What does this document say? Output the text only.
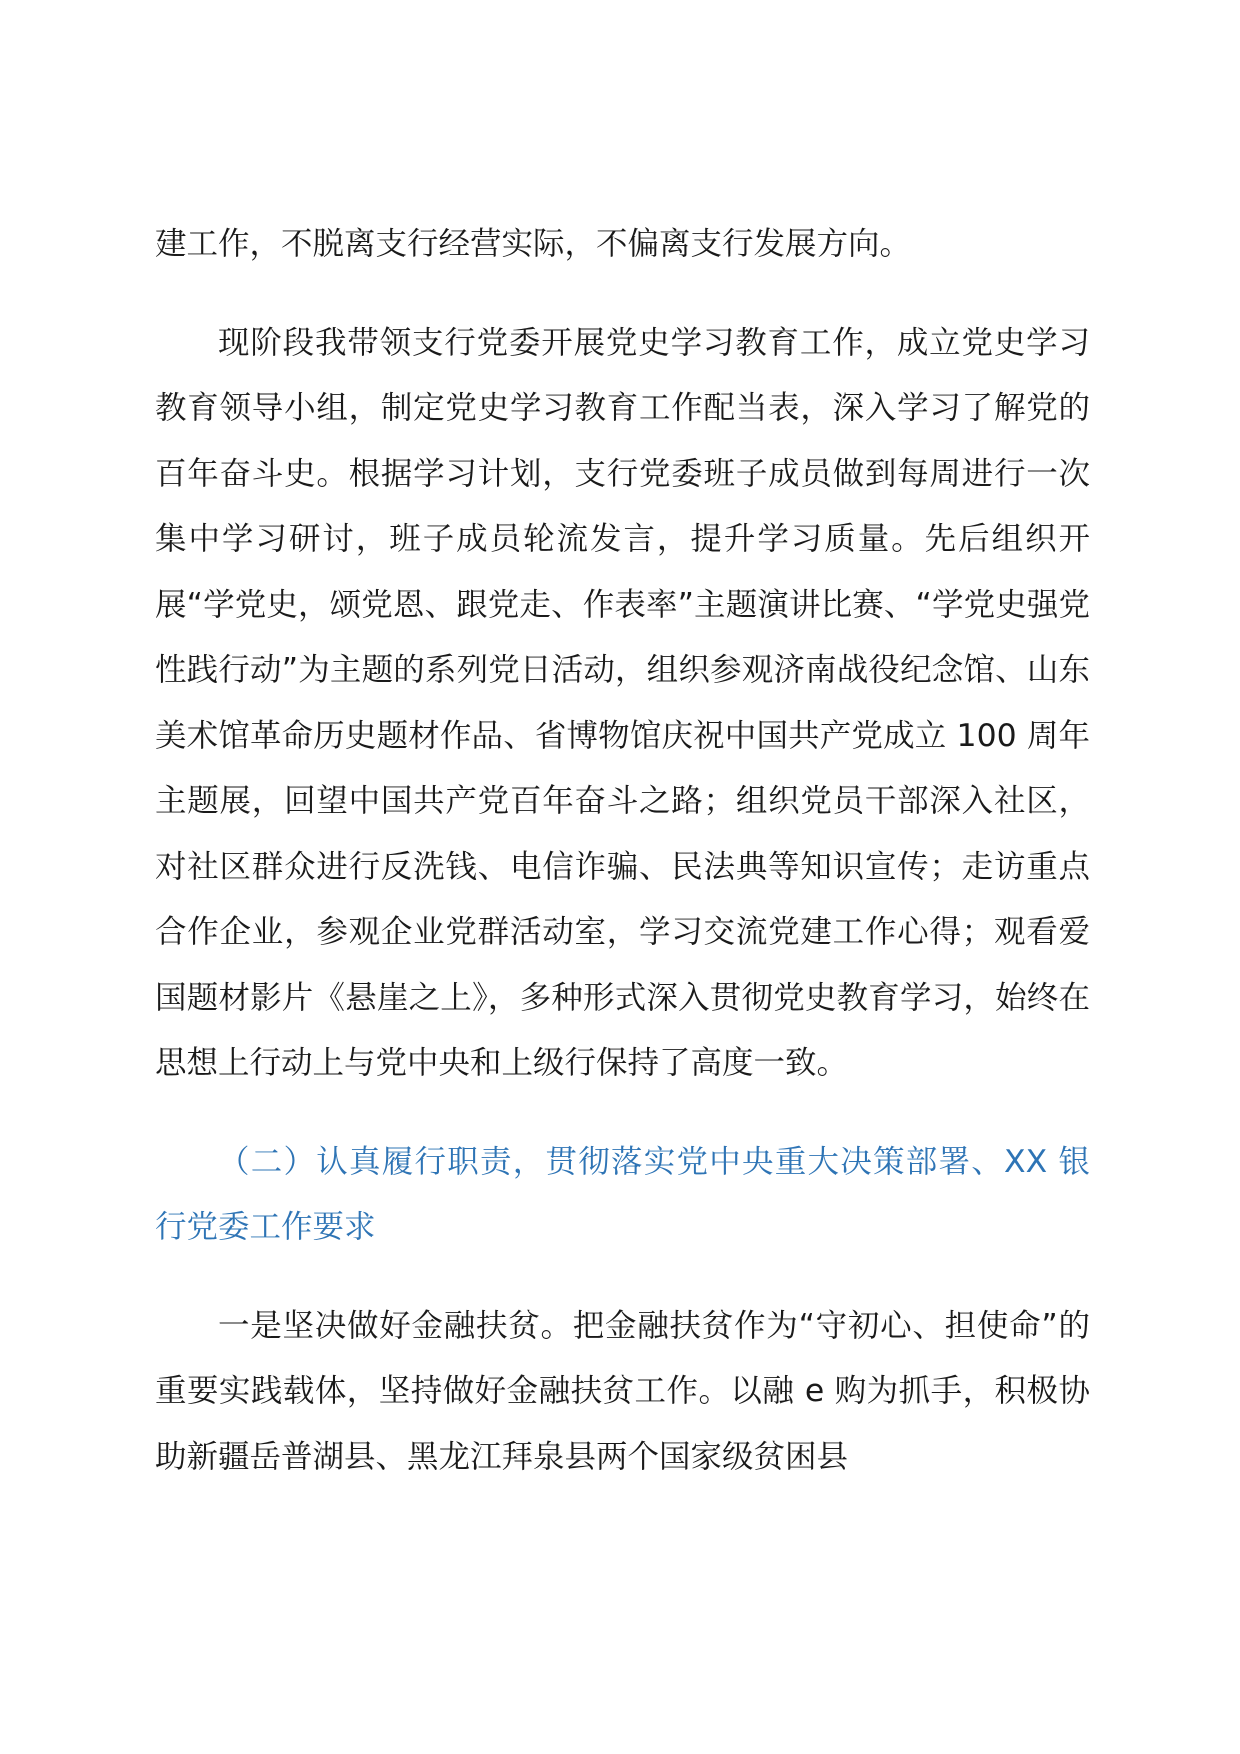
建工作，不脱离支行经营实际，不偏离支行发展方向。

现阶段我带领支行党委开展党史学习教育工作，成立党史学习教育领导小组，制定党史学习教育工作配当表，深入学习了解党的百年奋斗史。根据学习计划，支行党委班子成员做到每周进行一次集中学习研讨，班子成员轮流发言，提升学习质量。先后组织开展“学党史，颂党恩、跟党走、作表率”主题演讲比赛、“学党史强党性践行动”为主题的系列党日活动，组织参观济南战役纪念馆、山东美术馆革命历史题材作品、省博物馆庆祝中国共产党成立 100 周年主题展，回望中国共产党百年奋斗之路；组织党员干部深入社区，对社区群众进行反洗钱、电信诈骗、民法典等知识宣传；走访重点合作企业，参观企业党群活动室，学习交流党建工作心得；观看爱国题材影片《悬崖之上》，多种形式深入贯彻党史教育学习，始终在思想上行动上与党中央和上级行保持了高度一致。

（二）认真履行职责，贯彻落实党中央重大决策部署、XX 银行党委工作要求

一是坚决做好金融扶贫。把金融扶贫作为“守初心、担使命”的重要实践载体，坚持做好金融扶贫工作。以融 e 购为抓手，积极协助新疆岳普湖县、黑龙江拜泉县两个国家级贫困县
